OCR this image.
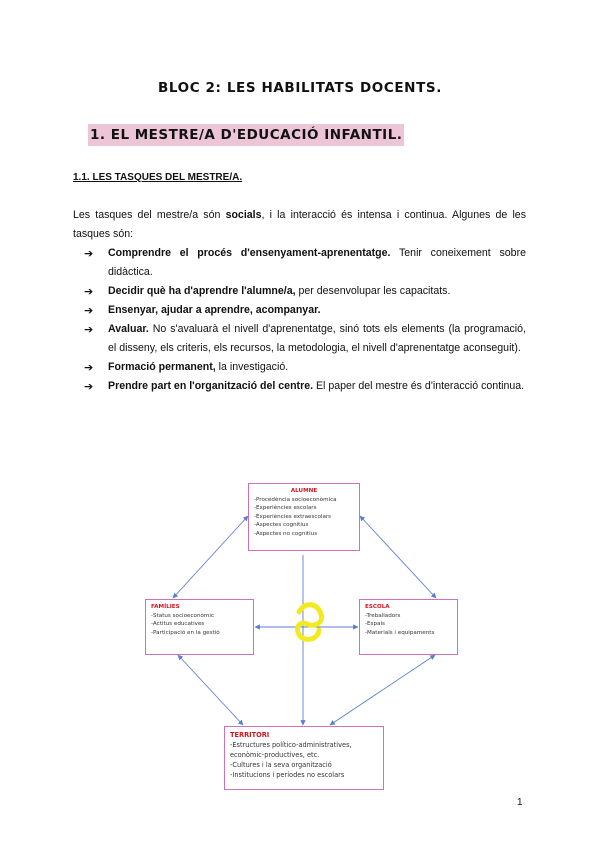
BLOC 2: LES HABILITATS DOCENTS.
1. EL MESTRE/A D'EDUCACIÓ INFANTIL.
1.1. LES TASQUES DEL MESTRE/A.

Les tasques del mestre/a són socials, i la interacció és intensa i continua. Algunes de les tasques són:

➔ Comprendre el procés d'ensenyament-aprenentatge. Tenir coneixement sobre didàctica.
➔ Decidir què ha d'aprendre l'alumne/a, per desenvolupar les capacitats.
➔ Ensenyar, ajudar a aprendre, acompanyar.
➔ Avaluar. No s'avaluarà el nivell d'aprenentatge, sinó tots els elements (la programació, el disseny, els criteris, els recursos, la metodologia, el nivell d'aprenentatge aconseguit).
➔ Formació permanent, la investigació.
➔ Prendre part en l'organització del centre. El paper del mestre és d'interacció continua.
ALUMNE
-Procedència socioeconòmica
-Experiències escolars
-Experiències extraescolars
-Aspectes cognitius
-Aspectes no cognitius
FAMÍLIES
-Status socioeconòmic
-Actitus educatives
-Participació en la gestió
ESCOLA
-Treballadors
-Espais
-Materials i equipaments
TERRITORI
-Estructures político-administratives,
econòmic-productives, etc.
-Cultures i la seva organització
-Institucions i períodes no escolars

1
